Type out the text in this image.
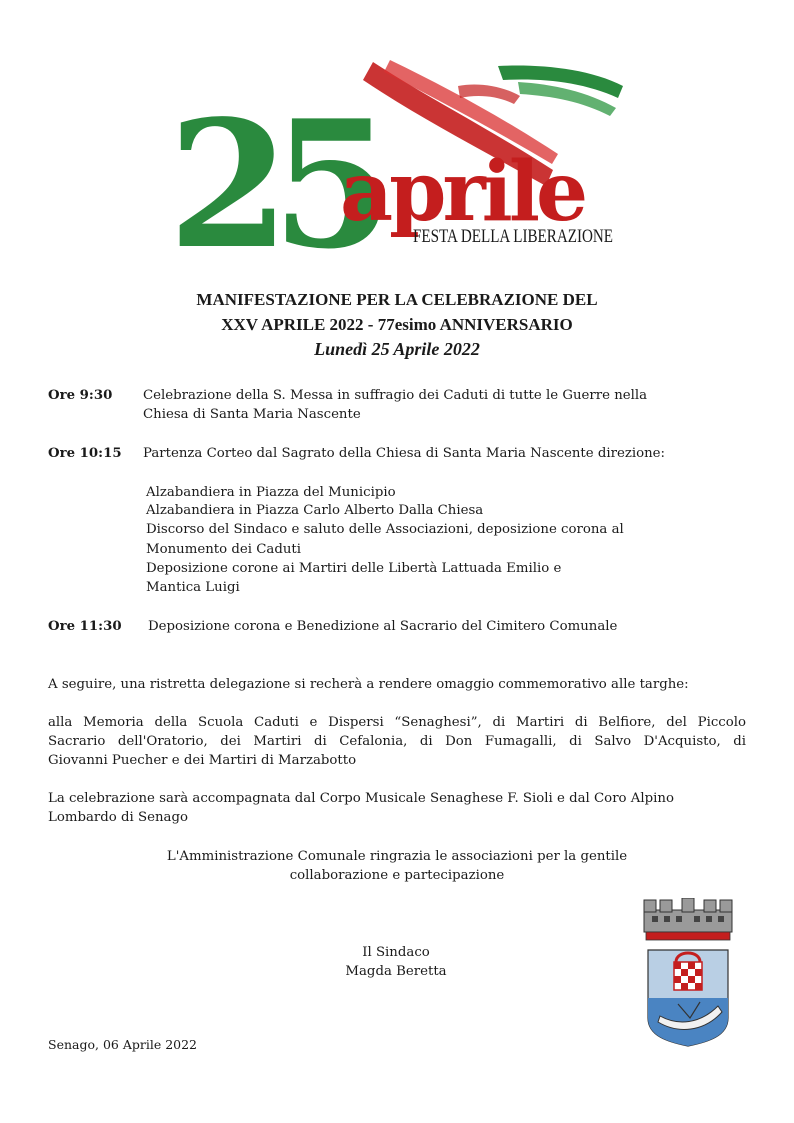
25
aprile
FESTA DELLA LIBERAZIONE
MANIFESTAZIONE PER LA CELEBRAZIONE DEL
XXV APRILE 2022 - 77esimo ANNIVERSARIO
Lunedì 25 Aprile 2022
Ore 9:30 Celebrazione della S. Messa in suffragio dei Caduti di tutte le Guerre nella
Chiesa di Santa Maria Nascente
Ore 10:15 Partenza Corteo dal Sagrato della Chiesa di Santa Maria Nascente direzione:
Alzabandiera in Piazza del Municipio
Alzabandiera in Piazza Carlo Alberto Dalla Chiesa
Discorso del Sindaco e saluto delle Associazioni, deposizione corona al
Monumento dei Caduti
Deposizione corone ai Martiri delle Libertà Lattuada Emilio e
Mantica Luigi
Ore 11:30 Deposizione corona e Benedizione al Sacrario del Cimitero Comunale
A seguire, una ristretta delegazione si recherà a rendere omaggio commemorativo alle targhe:
alla Memoria della Scuola Caduti e Dispersi “Senaghesi”, di Martiri di Belfiore, del Piccolo
Sacrario dell'Oratorio, dei Martiri di Cefalonia, di Don Fumagalli, di Salvo D'Acquisto, di
Giovanni Puecher e dei Martiri di Marzabotto
La celebrazione sarà accompagnata dal Corpo Musicale Senaghese F. Sioli e dal Coro Alpino
Lombardo di Senago
L'Amministrazione Comunale ringrazia le associazioni per la gentile
collaborazione e partecipazione
Il Sindaco
Magda Beretta
Senago, 06 Aprile 2022
